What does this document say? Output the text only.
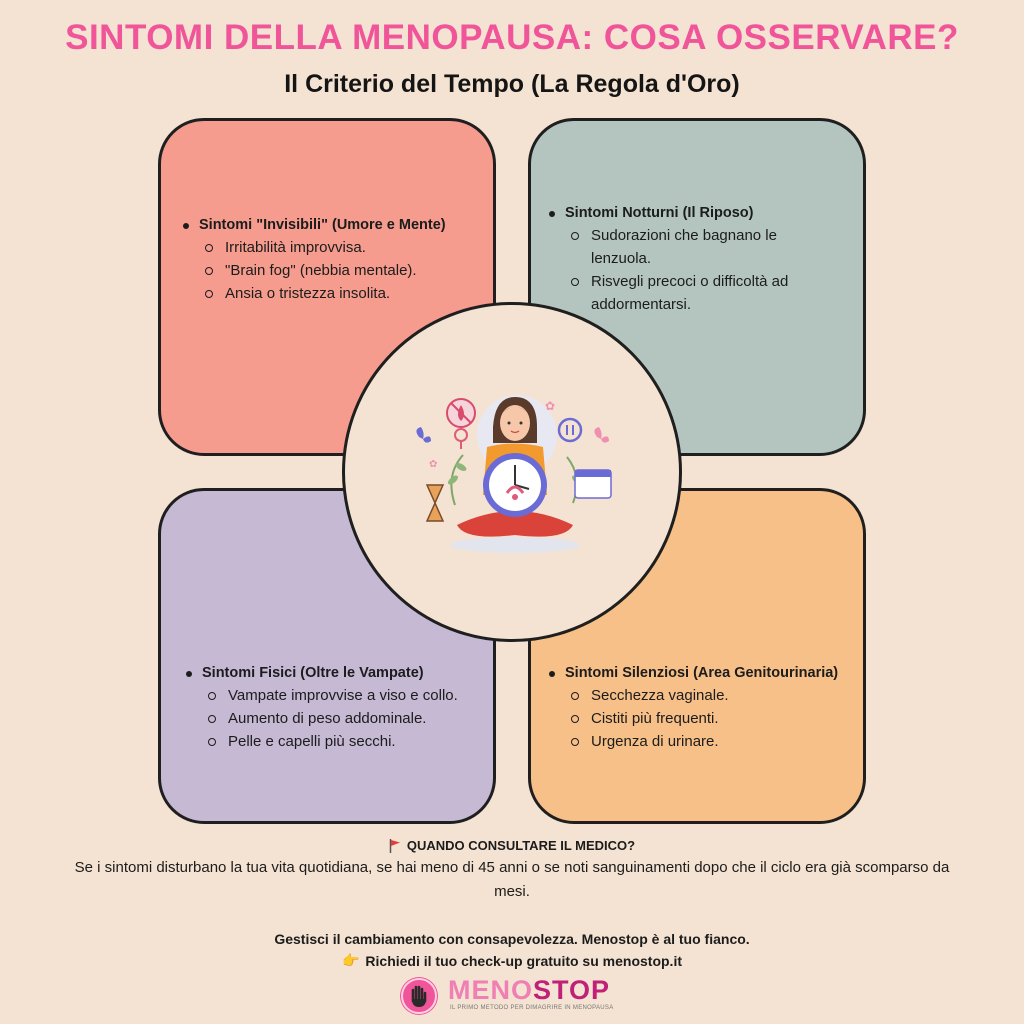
SINTOMI DELLA MENOPAUSA: COSA OSSERVARE?
Il Criterio del Tempo (La Regola d'Oro)
✿
✿
Sintomi "Invisibili" (Umore e Mente)
Irritabilità improvvisa.
"Brain fog" (nebbia mentale).
Ansia o tristezza insolita.
Sintomi Notturni (Il Riposo)
Sudorazioni che bagnano le lenzuola.
Risvegli precoci o difficoltà ad addormentarsi.
Sintomi Fisici (Oltre le Vampate)
Vampate improvvise a viso e collo.
Aumento di peso addominale.
Pelle e capelli più secchi.
Sintomi Silenziosi (Area Genitourinaria)
Secchezza vaginale.
Cistiti più frequenti.
Urgenza di urinare.
QUANDO CONSULTARE IL MEDICO?
Se i sintomi disturbano la tua vita quotidiana, se hai meno di 45 anni o se noti sanguinamenti dopo che il ciclo era già scomparso da mesi.
Gestisci il cambiamento con consapevolezza. Menostop è al tuo fianco.
👉 Richiedi il tuo check-up gratuito su menostop.it
MENOSTOP
IL PRIMO METODO PER DIMAGRIRE IN MENOPAUSA
